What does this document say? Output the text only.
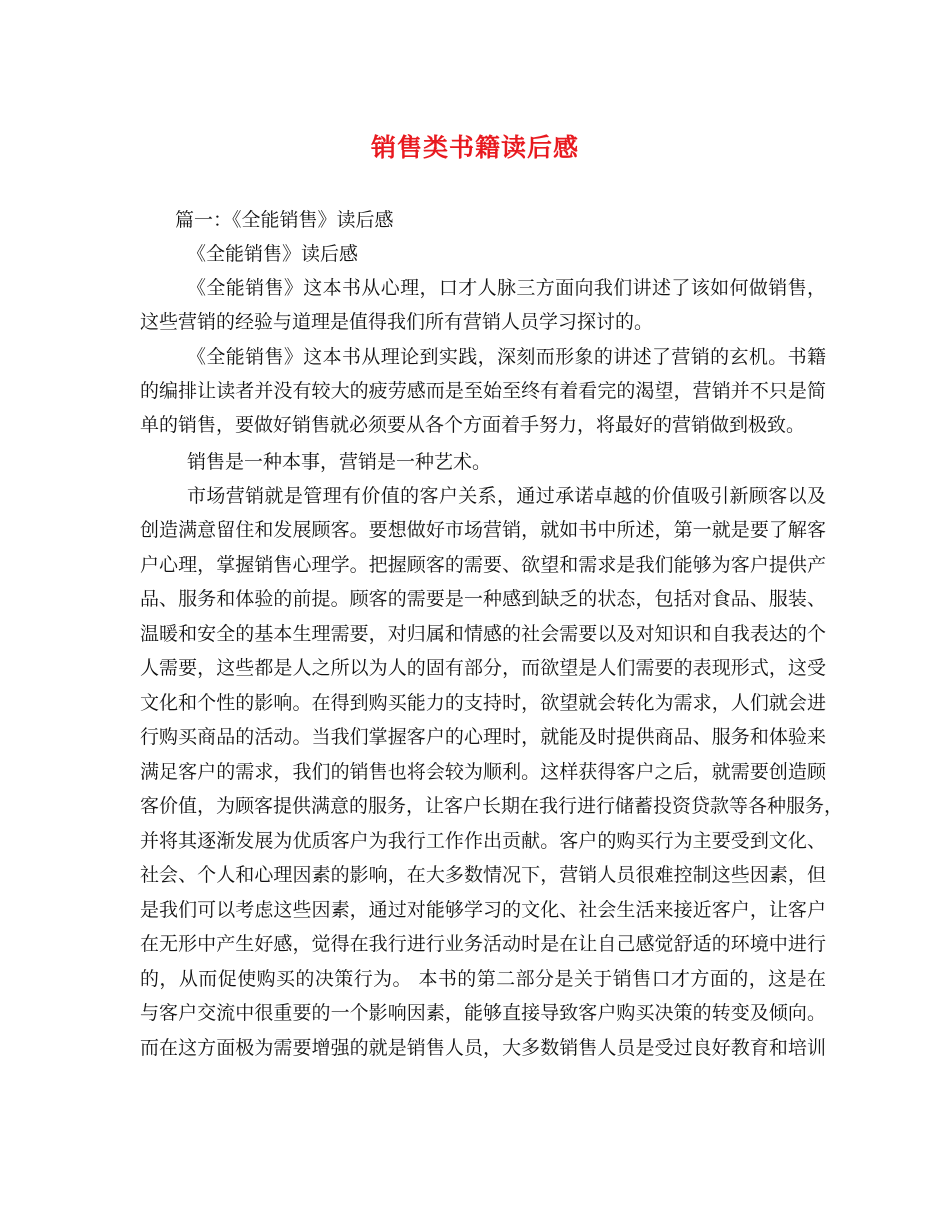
销售类书籍读后感

篇一：《全能销售》读后感

《全能销售》读后感

《全能销售》这本书从心理，口才人脉三方面向我们讲述了该如何做销售，

这些营销的经验与道理是值得我们所有营销人员学习探讨的。

《全能销售》这本书从理论到实践，深刻而形象的讲述了营销的玄机。书籍

的编排让读者并没有较大的疲劳感而是至始至终有着看完的渴望，营销并不只是简

单的销售，要做好销售就必须要从各个方面着手努力，将最好的营销做到极致。

销售是一种本事，营销是一种艺术。

市场营销就是管理有价值的客户关系，通过承诺卓越的价值吸引新顾客以及

创造满意留住和发展顾客。要想做好市场营销，就如书中所述，第一就是要了解客

户心理，掌握销售心理学。把握顾客的需要、欲望和需求是我们能够为客户提供产

品、服务和体验的前提。顾客的需要是一种感到缺乏的状态，包括对食品、服装、

温暖和安全的基本生理需要，对归属和情感的社会需要以及对知识和自我表达的个

人需要，这些都是人之所以为人的固有部分，而欲望是人们需要的表现形式，这受

文化和个性的影响。在得到购买能力的支持时，欲望就会转化为需求，人们就会进

行购买商品的活动。当我们掌握客户的心理时，就能及时提供商品、服务和体验来

满足客户的需求，我们的销售也将会较为顺利。这样获得客户之后，就需要创造顾

客价值，为顾客提供满意的服务，让客户长期在我行进行储蓄投资贷款等各种服务，

并将其逐渐发展为优质客户为我行工作作出贡献。客户的购买行为主要受到文化、

社会、个人和心理因素的影响，在大多数情况下，营销人员很难控制这些因素，但

是我们可以考虑这些因素，通过对能够学习的文化、社会生活来接近客户，让客户

在无形中产生好感，觉得在我行进行业务活动时是在让自己感觉舒适的环境中进行

的，从而促使购买的决策行为。 本书的第二部分是关于销售口才方面的，这是在

与客户交流中很重要的一个影响因素，能够直接导致客户购买决策的转变及倾向。

而在这方面极为需要增强的就是销售人员，大多数销售人员是受过良好教育和培训
